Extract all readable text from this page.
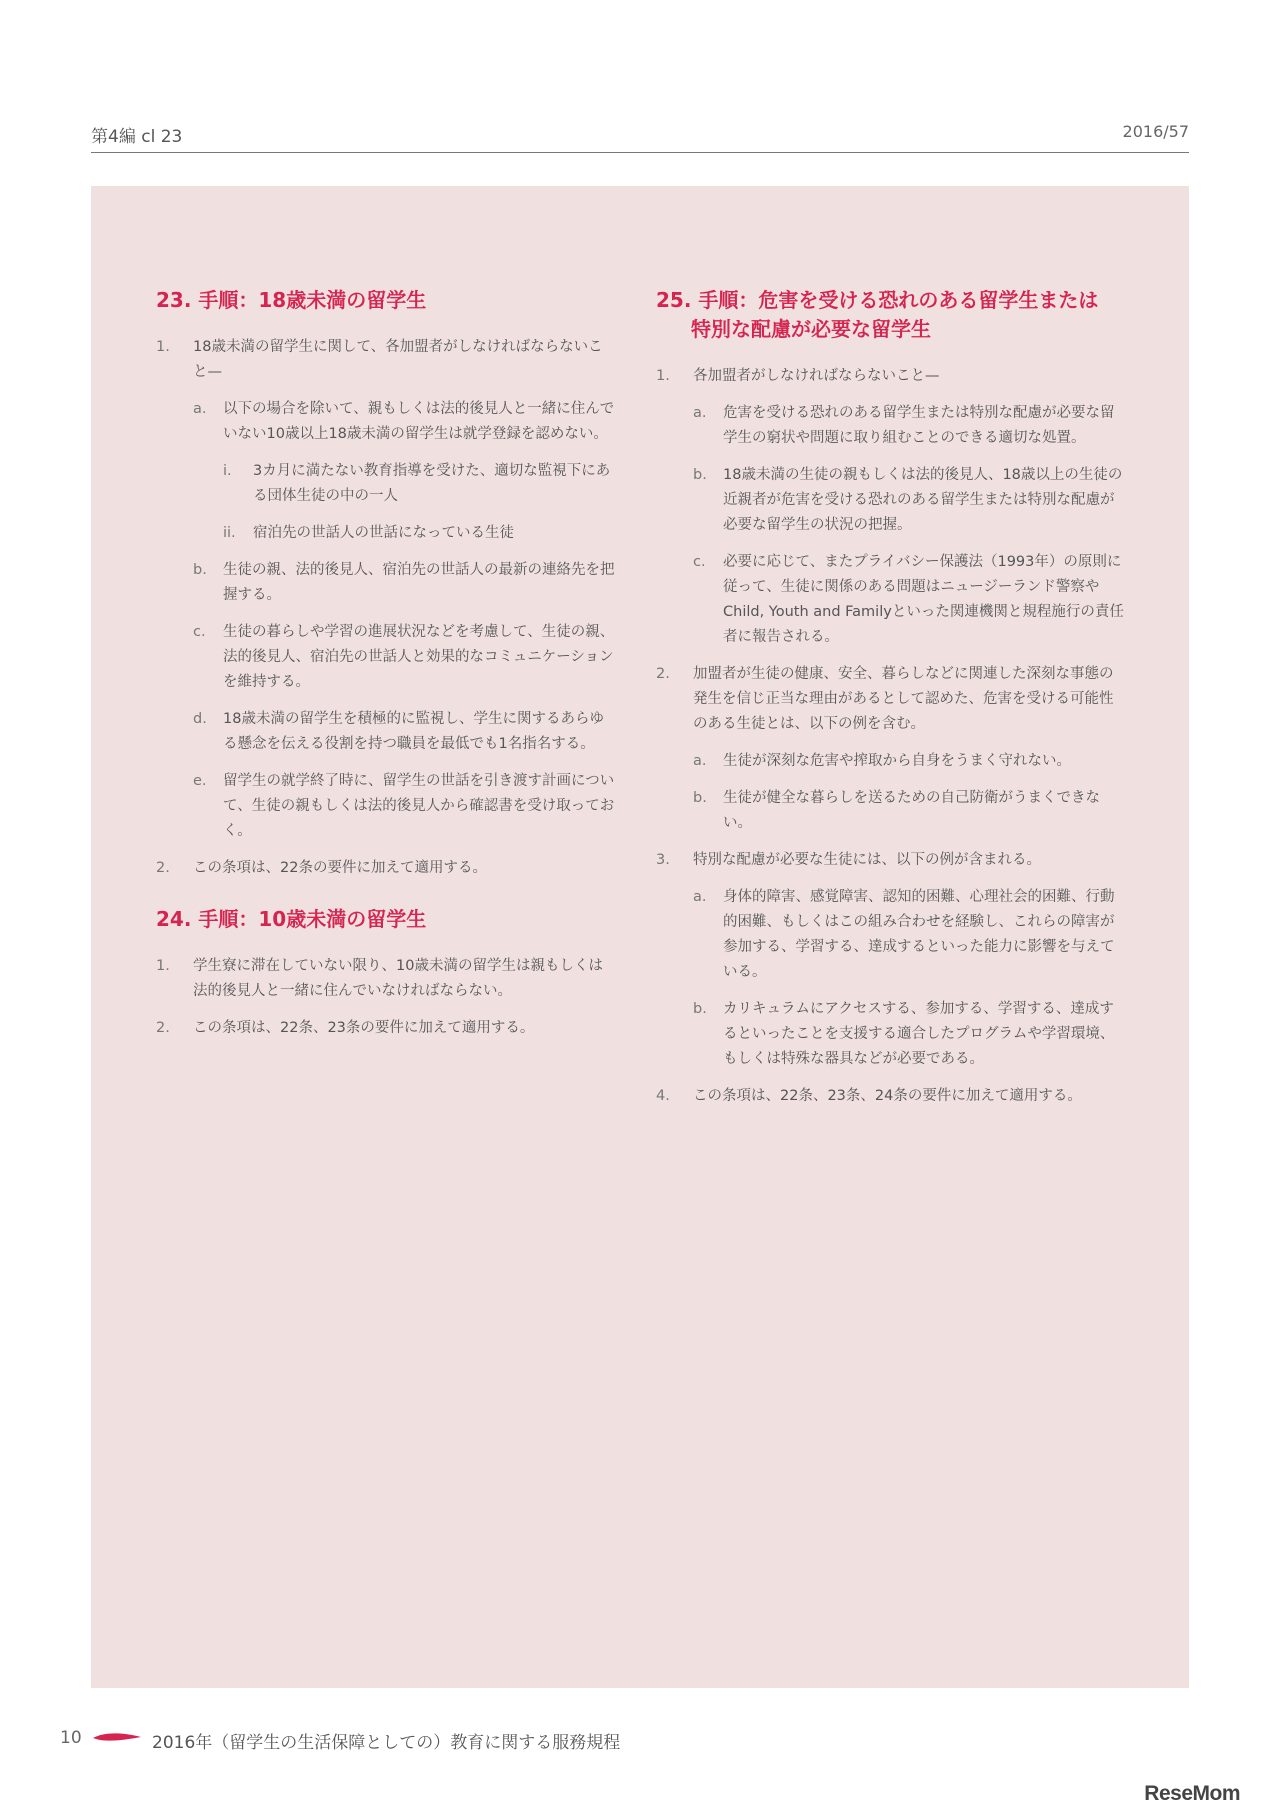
第4編 cl 23	2016/57
23. 手順：18歳未満の留学生
1. 18歳未満の留学生に関して、各加盟者がしなければならないこと—
a. 以下の場合を除いて、親もしくは法的後見人と一緒に住んでいない10歳以上18歳未満の留学生は就学登録を認めない。
i. 3カ月に満たない教育指導を受けた、適切な監視下にある団体生徒の中の一人
ii. 宿泊先の世話人の世話になっている生徒
b. 生徒の親、法的後見人、宿泊先の世話人の最新の連絡先を把握する。
c. 生徒の暮らしや学習の進展状況などを考慮して、生徒の親、法的後見人、宿泊先の世話人と効果的なコミュニケーションを維持する。
d. 18歳未満の留学生を積極的に監視し、学生に関するあらゆる懸念を伝える役割を持つ職員を最低でも1名指名する。
e. 留学生の就学終了時に、留学生の世話を引き渡す計画について、生徒の親もしくは法的後見人から確認書を受け取っておく。
2. この条項は、22条の要件に加えて適用する。
24. 手順：10歳未満の留学生
1. 学生寮に滞在していない限り、10歳未満の留学生は親もしくは法的後見人と一緒に住んでいなければならない。
2. この条項は、22条、23条の要件に加えて適用する。
25. 手順：危害を受ける恐れのある留学生または
特別な配慮が必要な留学生
1. 各加盟者がしなければならないこと—
a. 危害を受ける恐れのある留学生または特別な配慮が必要な留学生の窮状や問題に取り組むことのできる適切な処置。
b. 18歳未満の生徒の親もしくは法的後見人、18歳以上の生徒の近親者が危害を受ける恐れのある留学生または特別な配慮が必要な留学生の状況の把握。
c. 必要に応じて、またプライバシー保護法（1993年）の原則に従って、生徒に関係のある問題はニュージーランド警察やChild, Youth and Familyといった関連機関と規程施行の責任者に報告される。
2. 加盟者が生徒の健康、安全、暮らしなどに関連した深刻な事態の発生を信じ正当な理由があるとして認めた、危害を受ける可能性のある生徒とは、以下の例を含む。
a. 生徒が深刻な危害や搾取から自身をうまく守れない。
b. 生徒が健全な暮らしを送るための自己防衛がうまくできない。
3. 特別な配慮が必要な生徒には、以下の例が含まれる。
a. 身体的障害、感覚障害、認知的困難、心理社会的困難、行動的困難、もしくはこの組み合わせを経験し、これらの障害が参加する、学習する、達成するといった能力に影響を与えている。
b. カリキュラムにアクセスする、参加する、学習する、達成するといったことを支援する適合したプログラムや学習環境、もしくは特殊な器具などが必要である。
4. この条項は、22条、23条、24条の要件に加えて適用する。
10	2016年（留学生の生活保障としての）教育に関する服務規程
ReseMom
